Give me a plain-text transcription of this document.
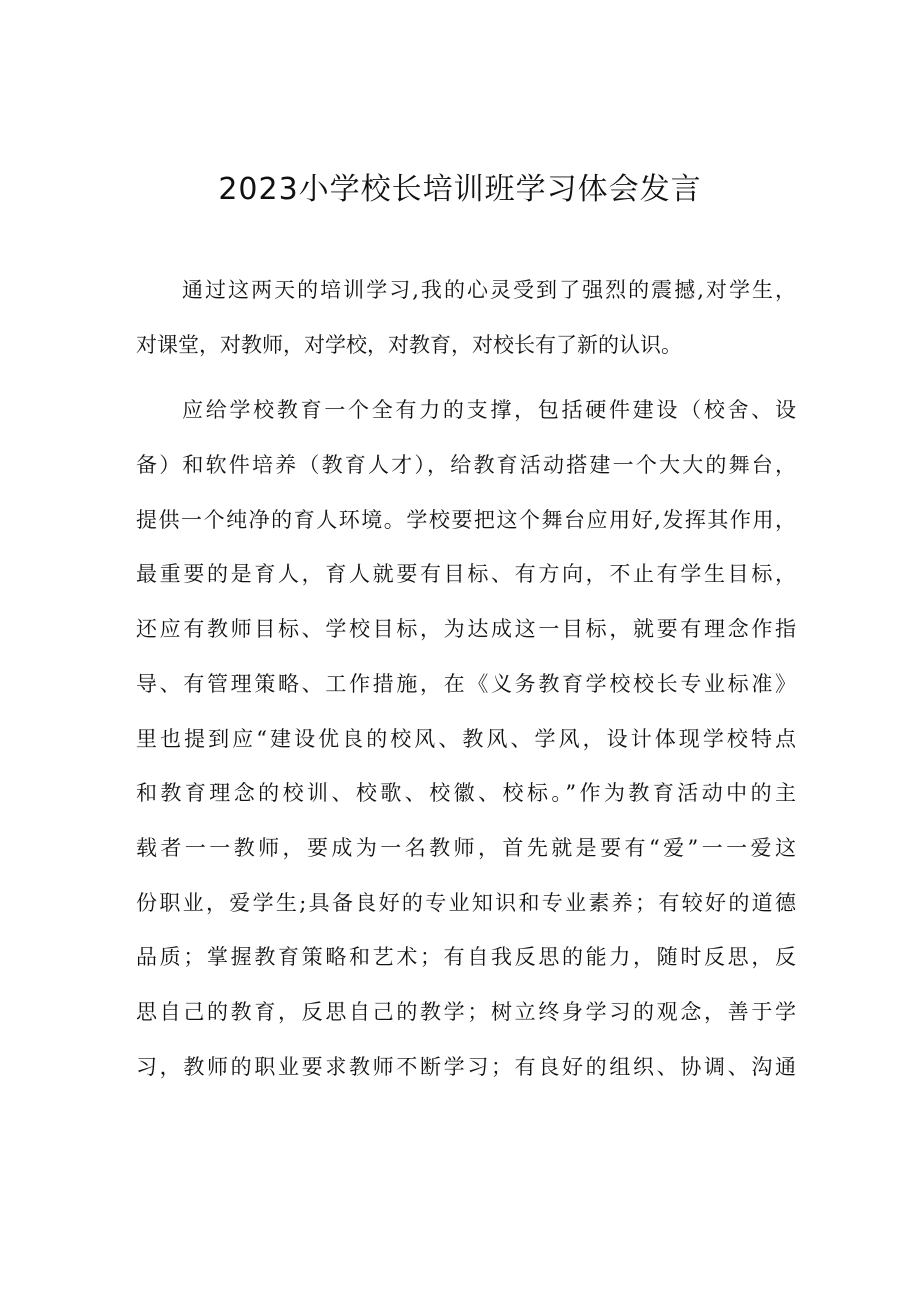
2023小学校长培训班学习体会发言
通过这两天的培训学习,我的心灵受到了强烈的震撼,对学生，
对课堂，对教师，对学校，对教育，对校长有了新的认识。
应给学校教育一个全有力的支撑，包括硬件建设（校舍、设
备）和软件培养（教育人才），给教育活动搭建一个大大的舞台，
提供一个纯净的育人环境。学校要把这个舞台应用好,发挥其作用，
最重要的是育人，育人就要有目标、有方向，不止有学生目标，
还应有教师目标、学校目标，为达成这一目标，就要有理念作指
导、有管理策略、工作措施，在《义务教育学校校长专业标准》
里也提到应“建设优良的校风、教风、学风，设计体现学校特点
和教育理念的校训、校歌、校徽、校标。”作为教育活动中的主
载者一一教师，要成为一名教师，首先就是要有“爱”一一爱这
份职业，爱学生;具备良好的专业知识和专业素养；有较好的道德
品质；掌握教育策略和艺术；有自我反思的能力，随时反思，反
思自己的教育，反思自己的教学；树立终身学习的观念，善于学
习，教师的职业要求教师不断学习；有良好的组织、协调、沟通
